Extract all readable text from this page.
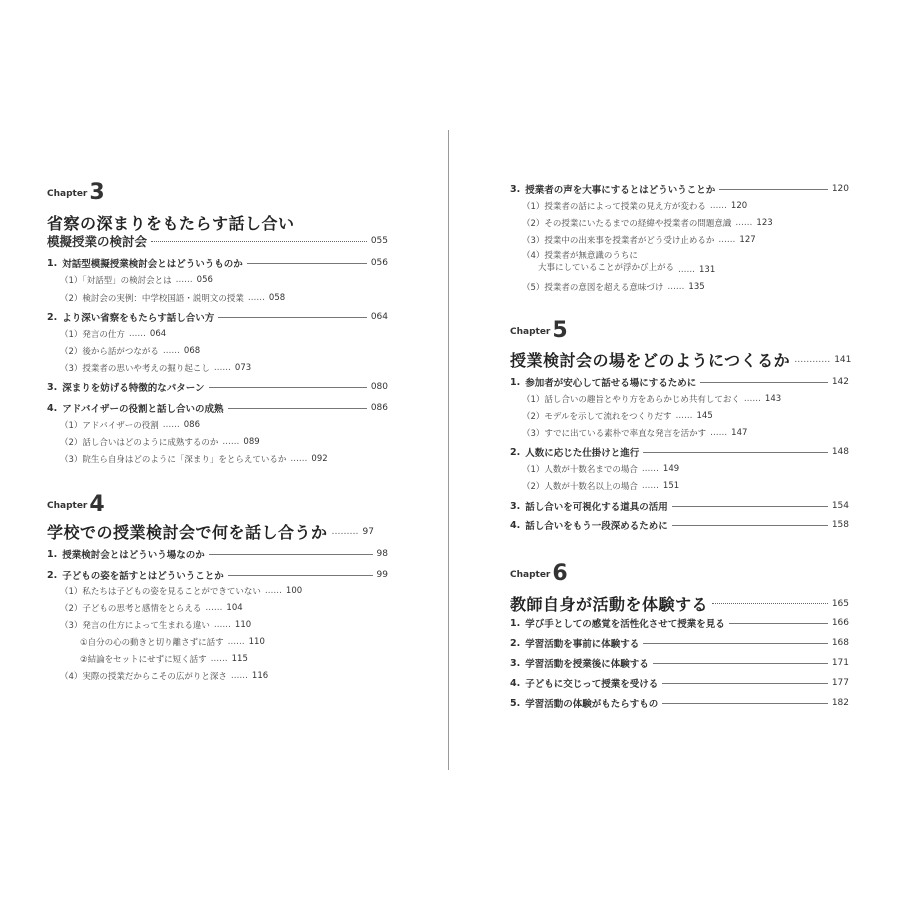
Chapter3
省察の深まりをもたらす話し合い
模擬授業の検討会	055
1. 対話型模擬授業検討会とはどういうものか	056
（1）「対話型」の検討会とは …… 056
（2）検討会の実例：中学校国語・説明文の授業 …… 058
2. より深い省察をもたらす話し合い方	064
（1）発言の仕方 …… 064
（2）後から話がつながる …… 068
（3）授業者の思いや考えの掘り起こし …… 073
3. 深まりを妨げる特徴的なパターン	080
4. アドバイザーの役割と話し合いの成熟	086
（1）アドバイザーの役割 …… 086
（2）話し合いはどのように成熟するのか …… 089
（3）院生ら自身はどのように「深まり」をとらえているか …… 092
Chapter4
学校での授業検討会で何を話し合うか ……… 97
1. 授業検討会とはどういう場なのか	98
2. 子どもの姿を話すとはどういうことか	99
（1）私たちは子どもの姿を見ることができていない …… 100
（2）子どもの思考と感情をとらえる …… 104
（3）発言の仕方によって生まれる違い …… 110
①自分の心の動きと切り離さずに話す …… 110
②結論をセットにせずに短く話す …… 115
（4）実際の授業だからこその広がりと深さ …… 116
3. 授業者の声を大事にするとはどういうことか	120
（1）授業者の話によって授業の見え方が変わる …… 120
（2）その授業にいたるまでの経緯や授業者の問題意識 …… 123
（3）授業中の出来事を授業者がどう受け止めるか …… 127
（4）授業者が無意識のうちに
大事にしていることが浮かび上がる …… 131
（5）授業者の意図を超える意味づけ …… 135
Chapter5
授業検討会の場をどのようにつくるか ………… 141
1. 参加者が安心して話せる場にするために	142
（1）話し合いの趣旨とやり方をあらかじめ共有しておく …… 143
（2）モデルを示して流れをつくりだす …… 145
（3）すでに出ている素朴で率直な発言を活かす …… 147
2. 人数に応じた仕掛けと進行	148
（1）人数が十数名までの場合 …… 149
（2）人数が十数名以上の場合 …… 151
3. 話し合いを可視化する道具の活用	154
4. 話し合いをもう一段深めるために	158
Chapter6
教師自身が活動を体験する	165
1. 学び手としての感覚を活性化させて授業を見る	166
2. 学習活動を事前に体験する	168
3. 学習活動を授業後に体験する	171
4. 子どもに交じって授業を受ける	177
5. 学習活動の体験がもたらすもの	182
